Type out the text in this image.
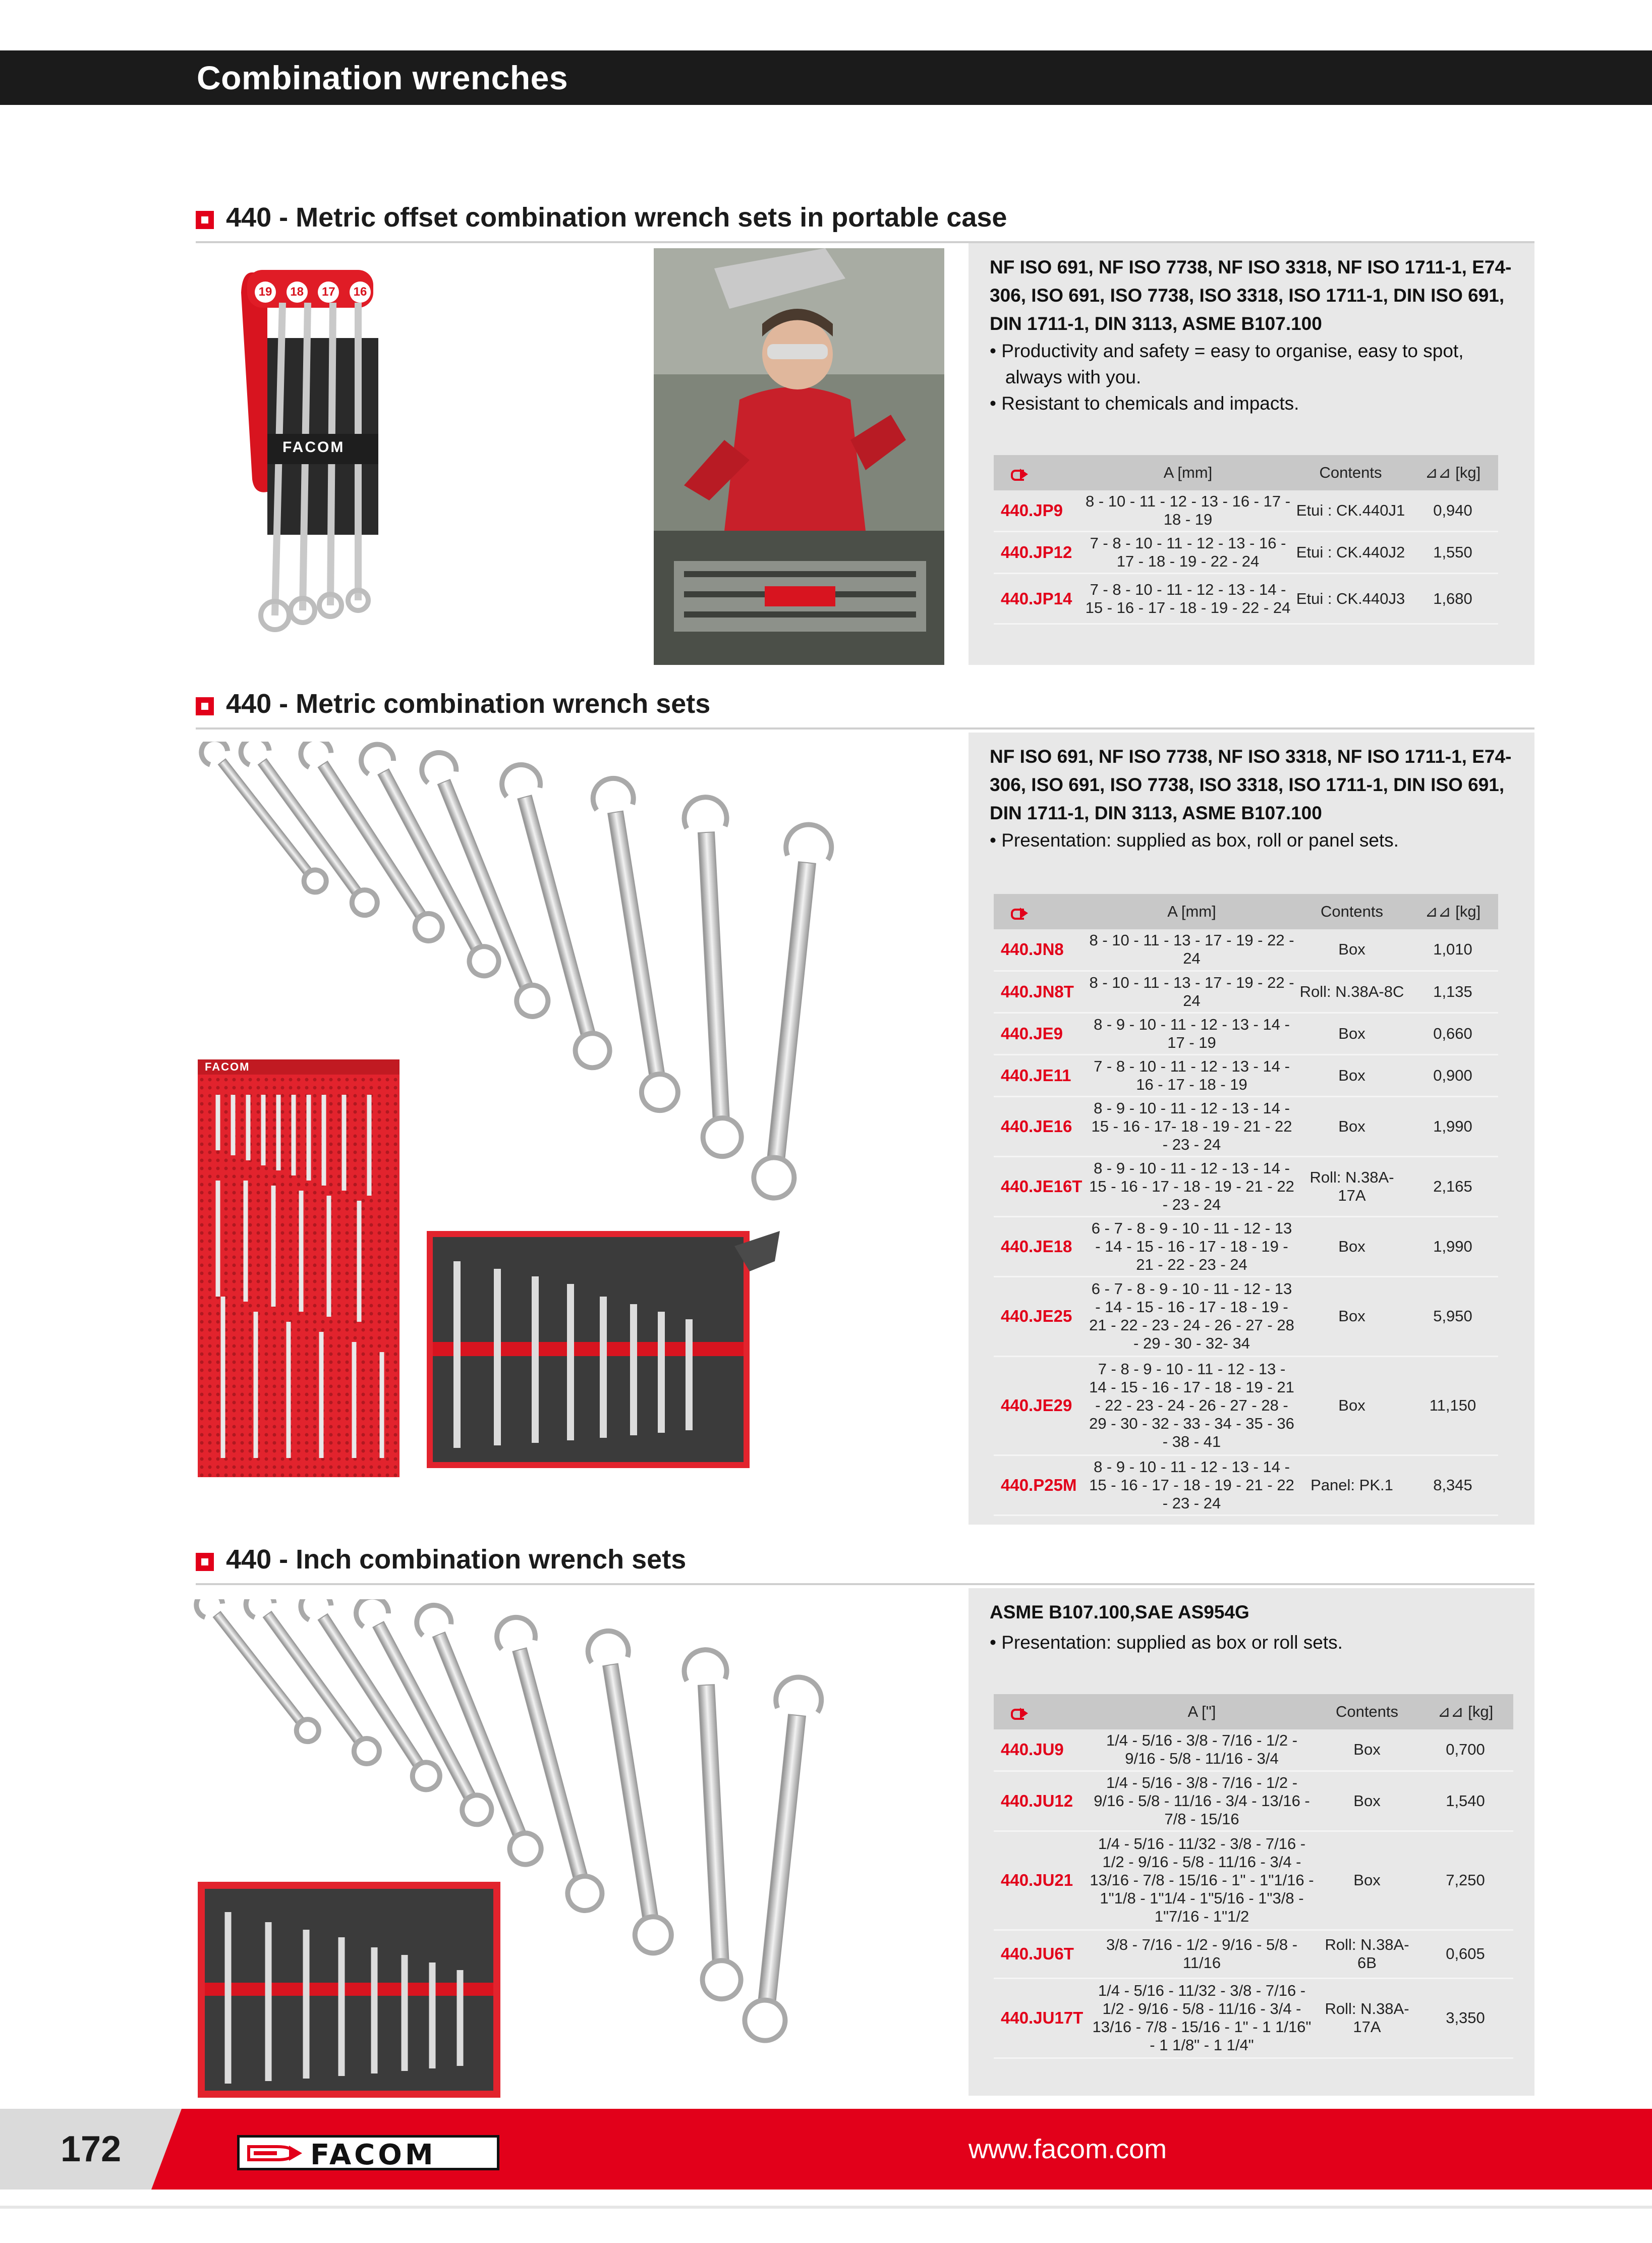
Combination wrenches
440 - Metric offset combination wrench sets in portable case
19	18	17	16
FACOM
NF ISO 691, NF ISO 7738, NF ISO 3318, NF ISO 1711-1, E74-306, ISO 691, ISO 7738, ISO 3318, ISO 1711-1, DIN ISO 691, DIN 1711-1, DIN 3113, ASME B107.100
• Productivity and safety = easy to organise, easy to spot,
always with you.
• Resistant to chemicals and impacts.
	A [mm]	Contents	⊿⊿ [kg]
440.JP9	8 - 10 - 11 - 12 - 13 - 16 - 17 - 18 - 19	Etui : CK.440J1	0,940
440.JP12	7 - 8 - 10 - 11 - 12 - 13 - 16 - 17 - 18 - 19 - 22 - 24	Etui : CK.440J2	1,550
440.JP14	7 - 8 - 10 - 11 - 12 - 13 - 14 - 15 - 16 - 17 - 18 - 19 - 22 - 24	Etui : CK.440J3	1,680
440 - Metric combination wrench sets
FACOM
NF ISO 691, NF ISO 7738, NF ISO 3318, NF ISO 1711-1, E74-306, ISO 691, ISO 7738, ISO 3318, ISO 1711-1, DIN ISO 691, DIN 1711-1, DIN 3113, ASME B107.100
• Presentation: supplied as box, roll or panel sets.
	A [mm]	Contents	⊿⊿ [kg]
440.JN8	8 - 10 - 11 - 13 - 17 - 19 - 22 - 24	Box	1,010
440.JN8T	8 - 10 - 11 - 13 - 17 - 19 - 22 - 24	Roll: N.38A-8C	1,135
440.JE9	8 - 9 - 10 - 11 - 12 - 13 - 14 - 17 - 19	Box	0,660
440.JE11	7 - 8 - 10 - 11 - 12 - 13 - 14 - 16 - 17 - 18 - 19	Box	0,900
440.JE16	8 - 9 - 10 - 11 - 12 - 13 - 14 - 15 - 16 - 17- 18 - 19 - 21 - 22 - 23 - 24	Box	1,990
440.JE16T	8 - 9 - 10 - 11 - 12 - 13 - 14 - 15 - 16 - 17 - 18 - 19 - 21 - 22 - 23 - 24	Roll: N.38A-17A	2,165
440.JE18	6 - 7 - 8 - 9 - 10 - 11 - 12 - 13 - 14 - 15 - 16 - 17 - 18 - 19 - 21 - 22 - 23 - 24	Box	1,990
440.JE25	6 - 7 - 8 - 9 - 10 - 11 - 12 - 13 - 14 - 15 - 16 - 17 - 18 - 19 - 21 - 22 - 23 - 24 - 26 - 27 - 28 - 29 - 30 - 32- 34	Box	5,950
440.JE29	7 - 8 - 9 - 10 - 11 - 12 - 13 - 14 - 15 - 16 - 17 - 18 - 19 - 21 - 22 - 23 - 24 - 26 - 27 - 28 - 29 - 30 - 32 - 33 - 34 - 35 - 36 - 38 - 41	Box	11,150
440.P25M	8 - 9 - 10 - 11 - 12 - 13 - 14 - 15 - 16 - 17 - 18 - 19 - 21 - 22 - 23 - 24	Panel: PK.1	8,345
440 - Inch combination wrench sets
ASME B107.100,SAE AS954G
• Presentation: supplied as box or roll sets.
	A ["]	Contents	⊿⊿ [kg]
440.JU9	1/4 - 5/16 - 3/8 - 7/16 - 1/2 - 9/16 - 5/8 - 11/16 - 3/4	Box	0,700
440.JU12	1/4 - 5/16 - 3/8 - 7/16 - 1/2 - 9/16 - 5/8 - 11/16 - 3/4 - 13/16 - 7/8 - 15/16	Box	1,540
440.JU21	1/4 - 5/16 - 11/32 - 3/8 - 7/16 - 1/2 - 9/16 - 5/8 - 11/16 - 3/4 - 13/16 - 7/8 - 15/16 - 1" - 1"1/16 - 1"1/8 - 1"1/4 - 1"5/16 - 1"3/8 - 1"7/16 - 1"1/2	Box	7,250
440.JU6T	3/8 - 7/16 - 1/2 - 9/16 - 5/8 - 11/16	Roll: N.38A-6B	0,605
440.JU17T	1/4 - 5/16 - 11/32 - 3/8 - 7/16 - 1/2 - 9/16 - 5/8 - 11/16 - 3/4 - 13/16 - 7/8 - 15/16 - 1" - 1 1/16" - 1 1/8" - 1 1/4"	Roll: N.38A-17A	3,350
172	FACOM	www.facom.com
